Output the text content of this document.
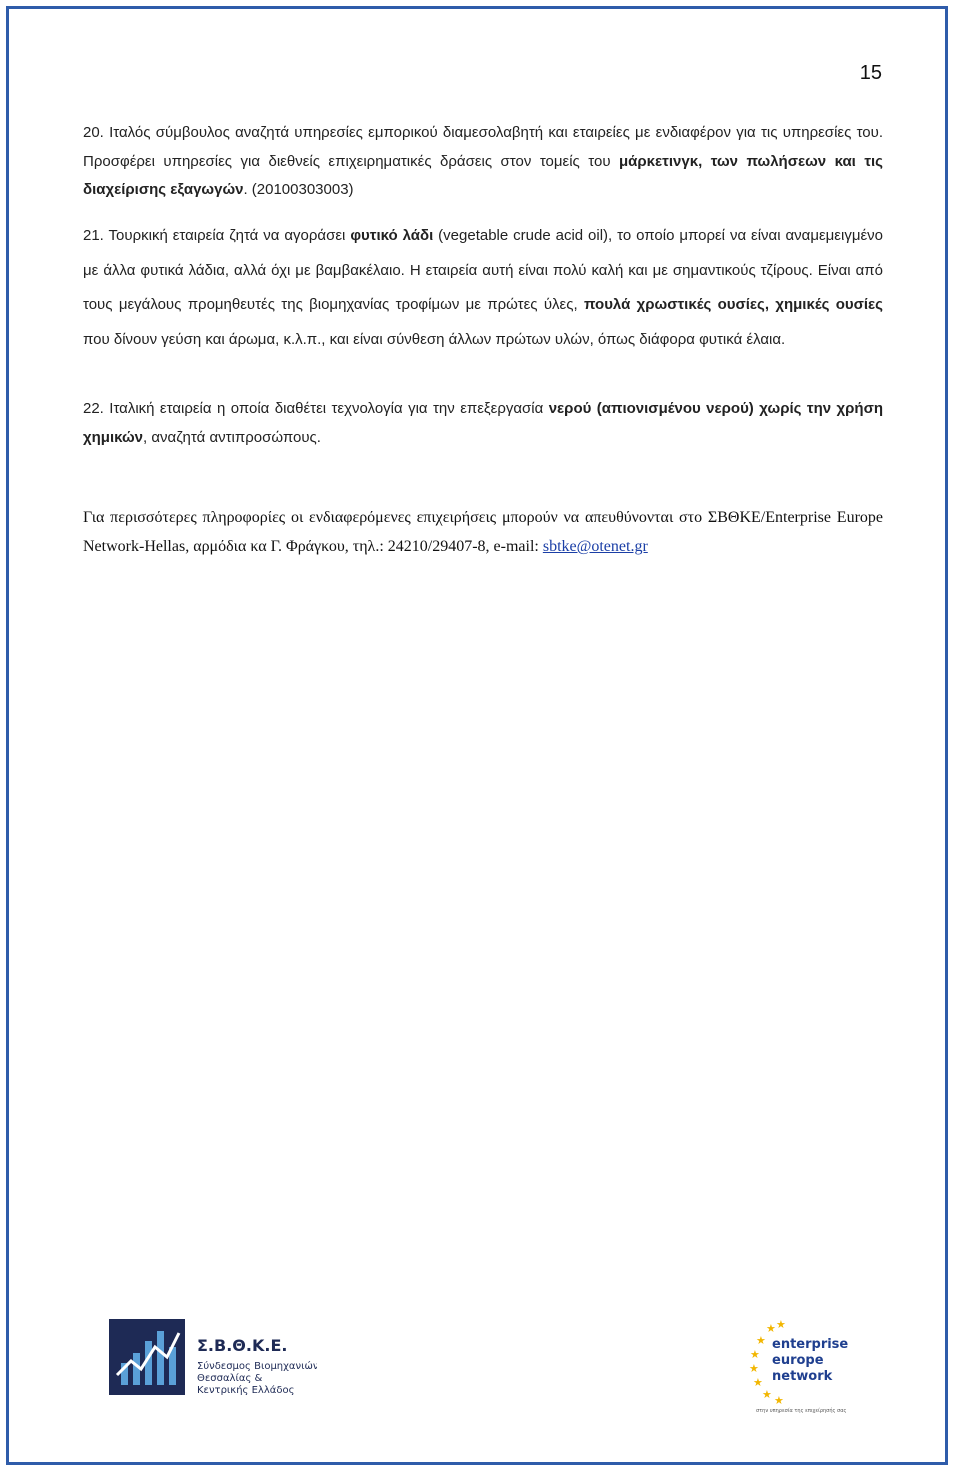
15

20. Ιταλός σύμβουλος αναζητά υπηρεσίες εμπορικού διαμεσολαβητή και εταιρείες με ενδιαφέρον για τις υπηρεσίες του. Προσφέρει υπηρεσίες για διεθνείς επιχειρηματικές δράσεις στον τομείς του μάρκετινγκ, των πωλήσεων και τις διαχείρισης εξαγωγών. (20100303003)

21. Τουρκική εταιρεία ζητά να αγοράσει φυτικό λάδι (vegetable crude acid oil), το οποίο μπορεί να είναι αναμεμειγμένο με άλλα φυτικά λάδια, αλλά όχι με βαμβακέλαιο. Η εταιρεία αυτή είναι πολύ καλή και με σημαντικούς τζίρους. Είναι από τους μεγάλους προμηθευτές της βιομηχανίας τροφίμων με πρώτες ύλες, πουλά χρωστικές ουσίες, χημικές ουσίες που δίνουν γεύση και άρωμα, κ.λ.π., και είναι σύνθεση άλλων πρώτων υλών, όπως διάφορα φυτικά έλαια.

22. Ιταλική εταιρεία η οποία διαθέτει τεχνολογία για την επεξεργασία νερού (απιονισμένου νερού) χωρίς την χρήση χημικών, αναζητά αντιπροσώπους.

Για περισσότερες πληροφορίες οι ενδιαφερόμενες επιχειρήσεις μπορούν να απευθύνονται στο ΣΒΘΚΕ/Enterprise Europe Network-Hellas, αρμόδια κα Γ. Φράγκου, τηλ.: 24210/29407-8, e-mail: sbtke@otenet.gr

Σ.Β.Θ.Κ.Ε.
Σύνδεσμος Βιομηχανιών
Θεσσαλίας &
Κεντρικής Ελλάδος
★
★
★
★
★
★
★
★
enterprise
europe
network
στην υπηρεσία της επιχείρησής σας
